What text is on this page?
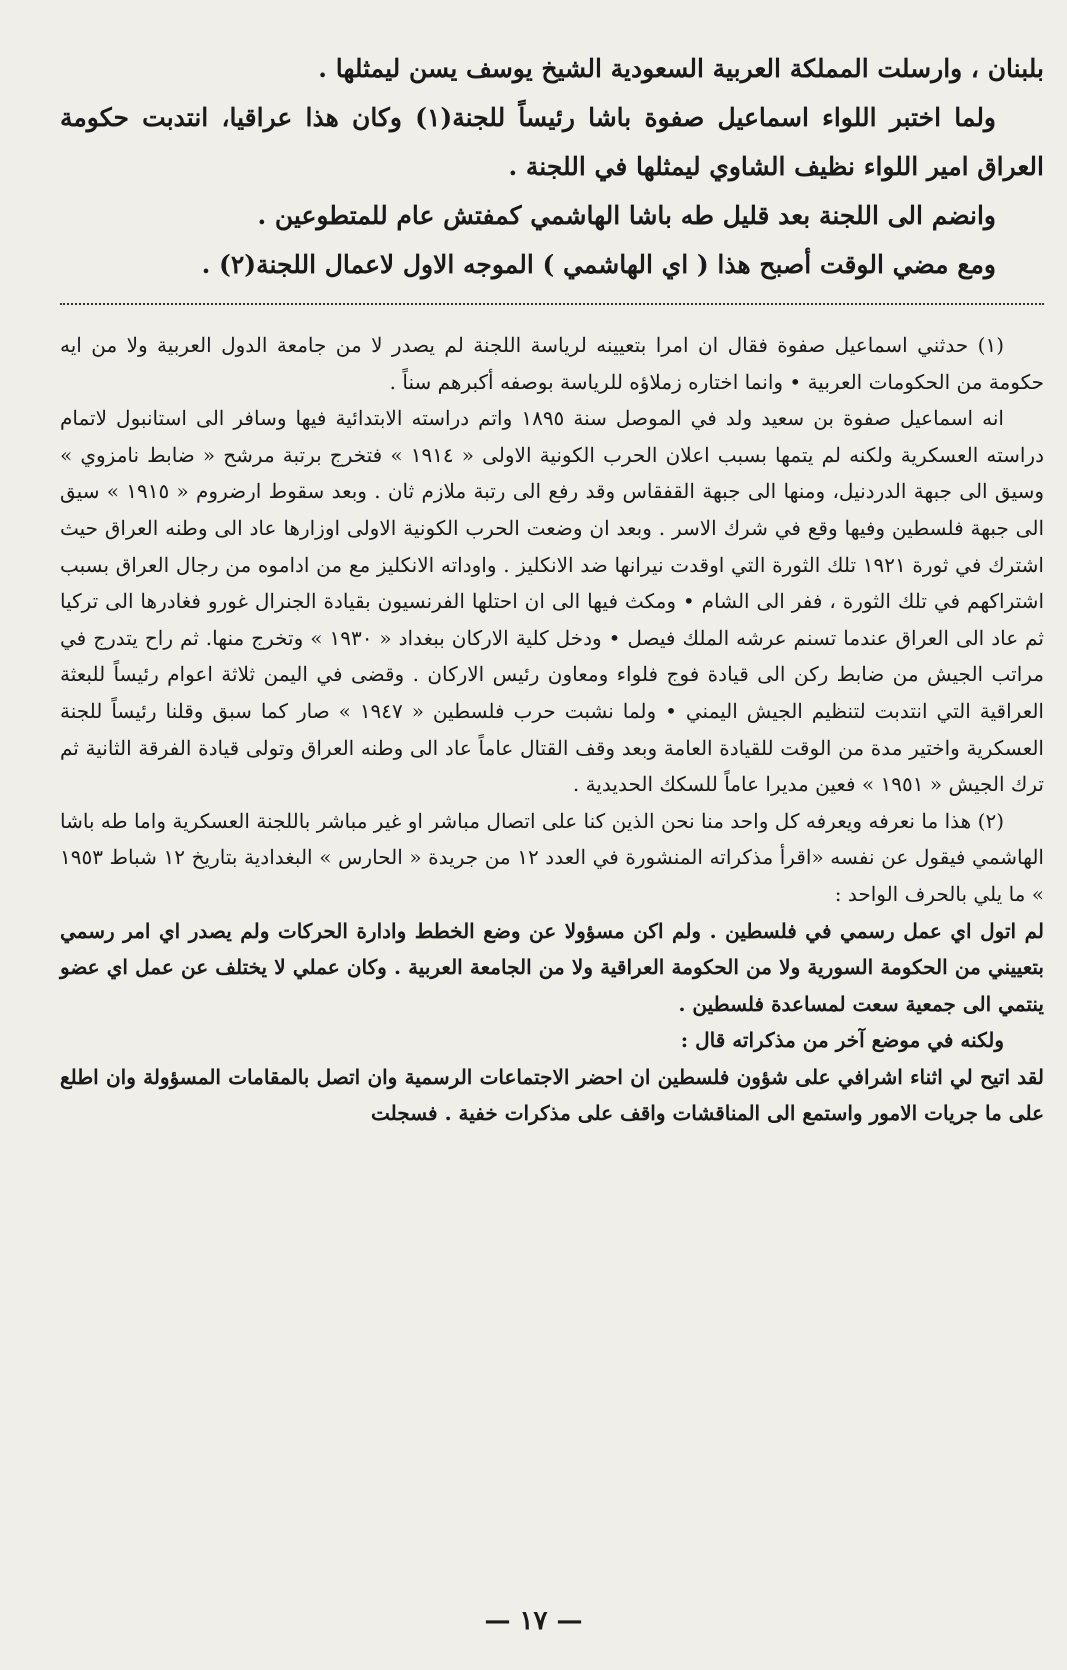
بلبنان ، وارسلت المملكة العربية السعودية الشيخ يوسف يسن ليمثلها .

ولما اختبر اللواء اسماعيل صفوة باشا رئيساً للجنة(١) وكان هذا عراقيا، انتدبت حكومة العراق امير اللواء نظيف الشاوي ليمثلها في اللجنة .

وانضم الى اللجنة بعد قليل طه باشا الهاشمي كمفتش عام للمتطوعين .

ومع مضي الوقت أصبح هذا ( اي الهاشمي ) الموجه الاول لاعمال اللجنة(٢) .

(١) حدثني اسماعيل صفوة فقال ان امرا بتعيينه لرياسة اللجنة لم يصدر لا من جامعة الدول العربية ولا من ايه حكومة من الحكومات العربية • وانما اختاره زملاؤه للرياسة بوصفه أكبرهم سناً .

انه اسماعيل صفوة بن سعيد ولد في الموصل سنة ١٨٩٥ واتم دراسته الابتدائية فيها وسافر الى استانبول لاتمام دراسته العسكرية ولكنه لم يتمها بسبب اعلان الحرب الكونية الاولى « ١٩١٤ » فتخرج برتبة مرشح « ضابط نامزوي » وسيق الى جبهة الدردنيل، ومنها الى جبهة القفقاس وقد رفع الى رتبة ملازم ثان . وبعد سقوط ارضروم « ١٩١٥ » سيق الى جبهة فلسطين وفيها وقع في شرك الاسر . وبعد ان وضعت الحرب الكونية الاولى اوزارها عاد الى وطنه العراق حيث اشترك في ثورة ١٩٢١ تلك الثورة التي اوقدت نيرانها ضد الانكليز . واوداته الانكليز مع من اداموه من رجال العراق بسبب اشتراكهم في تلك الثورة ، ففر الى الشام • ومكث فيها الى ان احتلها الفرنسيون بقيادة الجنرال غورو فغادرها الى تركيا ثم عاد الى العراق عندما تسنم عرشه الملك فيصل • ودخل كلية الاركان ببغداد « ١٩٣٠ » وتخرج منها. ثم راح يتدرج في مراتب الجيش من ضابط ركن الى قيادة فوج فلواء ومعاون رئيس الاركان . وقضى في اليمن ثلاثة اعوام رئيساً للبعثة العراقية التي انتدبت لتنظيم الجيش اليمني • ولما نشبت حرب فلسطين « ١٩٤٧ » صار كما سبق وقلنا رئيساً للجنة العسكرية واختير مدة من الوقت للقيادة العامة وبعد وقف القتال عاماً عاد الى وطنه العراق وتولى قيادة الفرقة الثانية ثم ترك الجيش « ١٩٥١ » فعين مديرا عاماً للسكك الحديدية .

(٢) هذا ما نعرفه ويعرفه كل واحد منا نحن الذين كنا على اتصال مباشر او غير مباشر باللجنة العسكرية واما طه باشا الهاشمي فيقول عن نفسه «اقرأ مذكراته المنشورة في العدد ١٢ من جريدة « الحارس » البغدادية بتاريخ ١٢ شباط ١٩٥٣ » ما يلي بالحرف الواحد :

لم اتول اي عمل رسمي في فلسطين . ولم اكن مسؤولا عن وضع الخطط وادارة الحركات ولم يصدر اي امر رسمي بتعييني من الحكومة السورية ولا من الحكومة العراقية ولا من الجامعة العربية . وكان عملي لا يختلف عن عمل اي عضو ينتمي الى جمعية سعت لمساعدة فلسطين .

ولكنه في موضع آخر من مذكراته قال :

لقد اتيح لي اثناء اشرافي على شؤون فلسطين ان احضر الاجتماعات الرسمية وان اتصل بالمقامات المسؤولة وان اطلع على ما جريات الامور واستمع الى المناقشات واقف على مذكرات خفية . فسجلت

— ١٧ —
